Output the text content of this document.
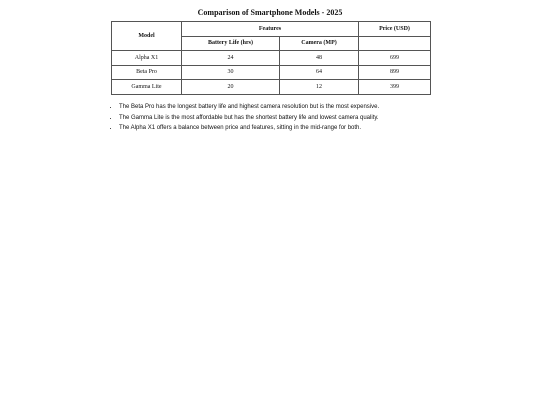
Comparison of Smartphone Models - 2025
Model	Features		Price (USD)
	Battery Life (hrs)	Camera (MP)	
Alpha X1	24	48	699
Beta Pro	30	64	899
Gamma Lite	20	12	399
• The Beta Pro has the longest battery life and highest camera resolution but is the most expensive.
• The Gamma Lite is the most affordable but has the shortest battery life and lowest camera quality.
• The Alpha X1 offers a balance between price and features, sitting in the mid-range for both.
